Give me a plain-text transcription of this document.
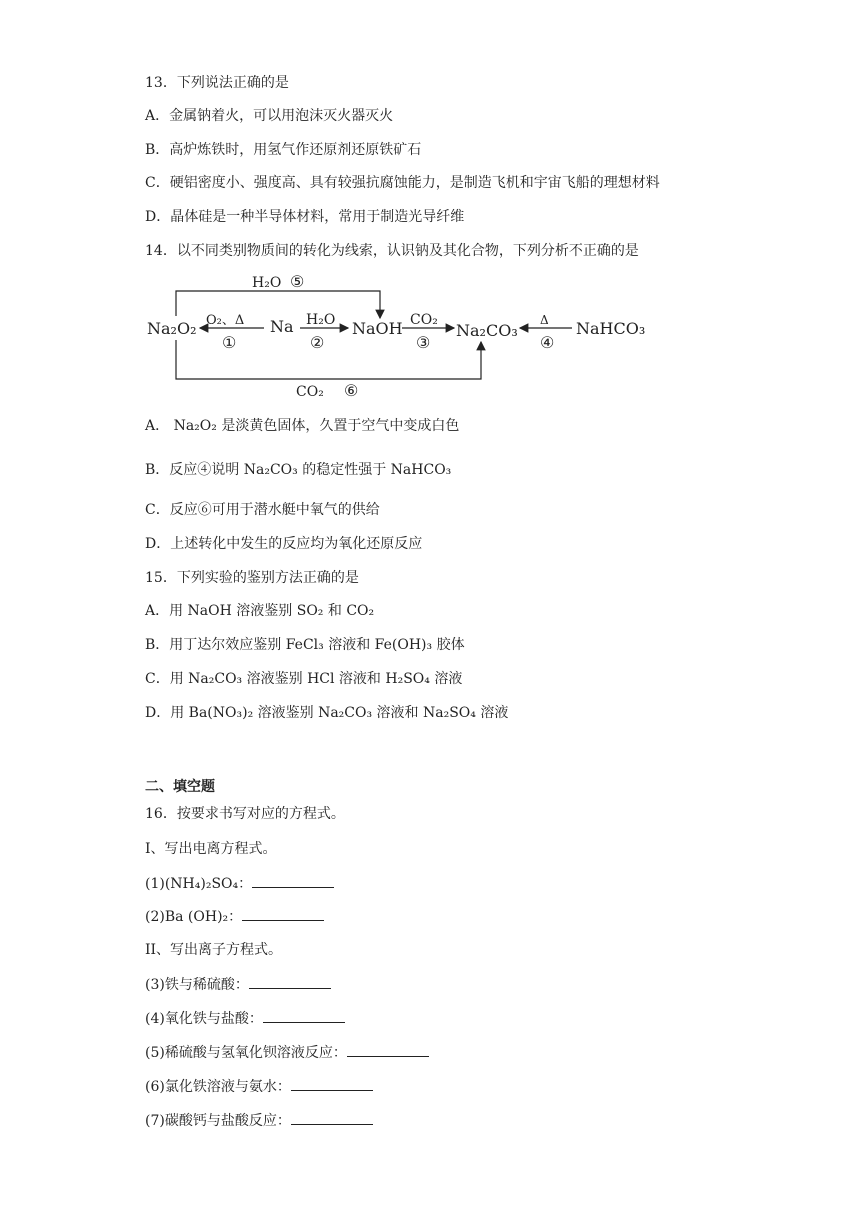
13．下列说法正确的是
A．金属钠着火，可以用泡沫灭火器灭火
B．高炉炼铁时，用氢气作还原剂还原铁矿石
C．硬铝密度小、强度高、具有较强抗腐蚀能力，是制造飞机和宇宙飞船的理想材料
D．晶体硅是一种半导体材料，常用于制造光导纤维
14．以不同类别物质间的转化为线索，认识钠及其化合物，下列分析不正确的是
Na₂O₂	Na	NaOH	Na₂CO₃	NaHCO₃
O₂、Δ
①
H₂O
②
CO₂
③
Δ
④
H₂O ⑤
CO₂ ⑥
A． Na₂O₂ 是淡黄色固体，久置于空气中变成白色
B．反应④说明 Na₂CO₃ 的稳定性强于 NaHCO₃
C．反应⑥可用于潜水艇中氧气的供给
D．上述转化中发生的反应均为氧化还原反应
15．下列实验的鉴别方法正确的是
A．用 NaOH 溶液鉴别 SO₂ 和 CO₂
B．用丁达尔效应鉴别 FeCl₃ 溶液和 Fe(OH)₃ 胶体
C．用 Na₂CO₃ 溶液鉴别 HCl 溶液和 H₂SO₄ 溶液
D．用 Ba(NO₃)₂ 溶液鉴别 Na₂CO₃ 溶液和 Na₂SO₄ 溶液
二、填空题
16．按要求书写对应的方程式。
I、写出电离方程式。
(1)(NH₄)₂SO₄：
(2)Ba (OH)₂：
II、写出离子方程式。
(3)铁与稀硫酸：
(4)氧化铁与盐酸：
(5)稀硫酸与氢氧化钡溶液反应：
(6)氯化铁溶液与氨水：
(7)碳酸钙与盐酸反应：
